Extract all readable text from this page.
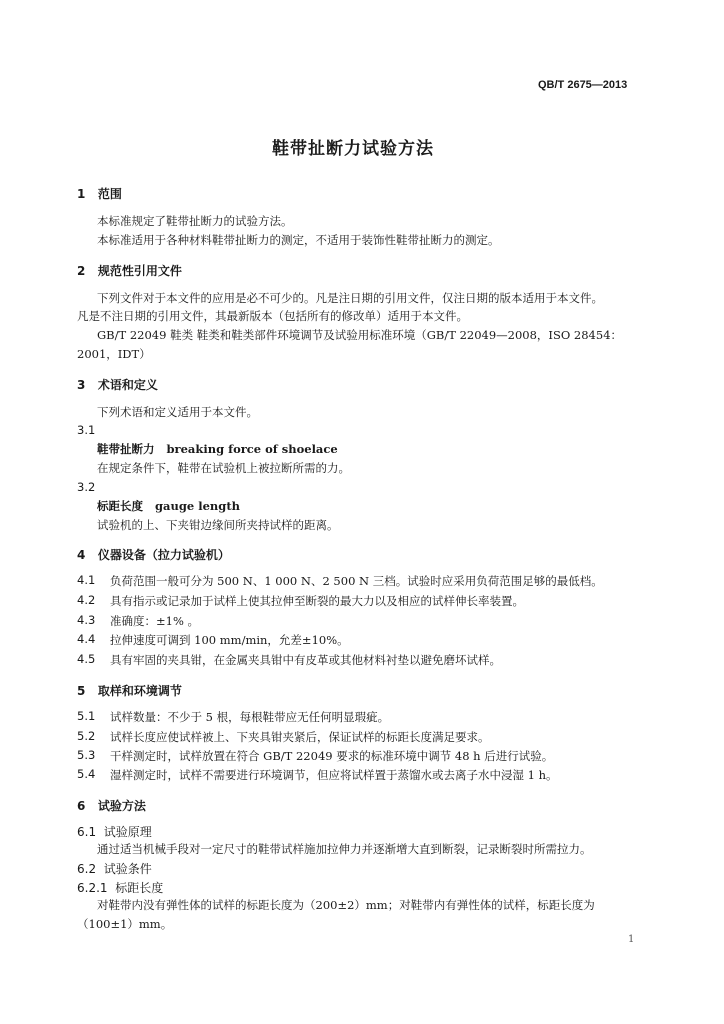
QB/T 2675—2013
鞋带扯断力试验方法
1 范围
本标准规定了鞋带扯断力的试验方法。
本标准适用于各种材料鞋带扯断力的测定，不适用于装饰性鞋带扯断力的测定。
2 规范性引用文件
下列文件对于本文件的应用是必不可少的。凡是注日期的引用文件，仅注日期的版本适用于本文件。
凡是不注日期的引用文件，其最新版本（包括所有的修改单）适用于本文件。
GB/T 22049 鞋类 鞋类和鞋类部件环境调节及试验用标准环境（GB/T 22049—2008，ISO 28454：
2001，IDT）
3 术语和定义
下列术语和定义适用于本文件。
3.1
鞋带扯断力 breaking force of shoelace
在规定条件下，鞋带在试验机上被拉断所需的力。
3.2
标距长度 gauge length
试验机的上、下夹钳边缘间所夹持试样的距离。
4 仪器设备（拉力试验机）
4.1 负荷范围一般可分为 500 N、1 000 N、2 500 N 三档。试验时应采用负荷范围足够的最低档。
4.2 具有指示或记录加于试样上使其拉伸至断裂的最大力以及相应的试样伸长率装置。
4.3 准确度：±1% 。
4.4 拉伸速度可调到 100 mm/min，允差±10%。
4.5 具有牢固的夹具钳，在金属夹具钳中有皮革或其他材料衬垫以避免磨坏试样。
5 取样和环境调节
5.1 试样数量：不少于 5 根，每根鞋带应无任何明显瑕疵。
5.2 试样长度应使试样被上、下夹具钳夹紧后，保证试样的标距长度满足要求。
5.3 干样测定时，试样放置在符合 GB/T 22049 要求的标准环境中调节 48 h 后进行试验。
5.4 湿样测定时，试样不需要进行环境调节，但应将试样置于蒸馏水或去离子水中浸湿 1 h。
6 试验方法
6.1 试验原理
通过适当机械手段对一定尺寸的鞋带试样施加拉伸力并逐渐增大直到断裂，记录断裂时所需拉力。
6.2 试验条件
6.2.1 标距长度
对鞋带内没有弹性体的试样的标距长度为（200±2）mm；对鞋带内有弹性体的试样，标距长度为
（100±1）mm。
1
